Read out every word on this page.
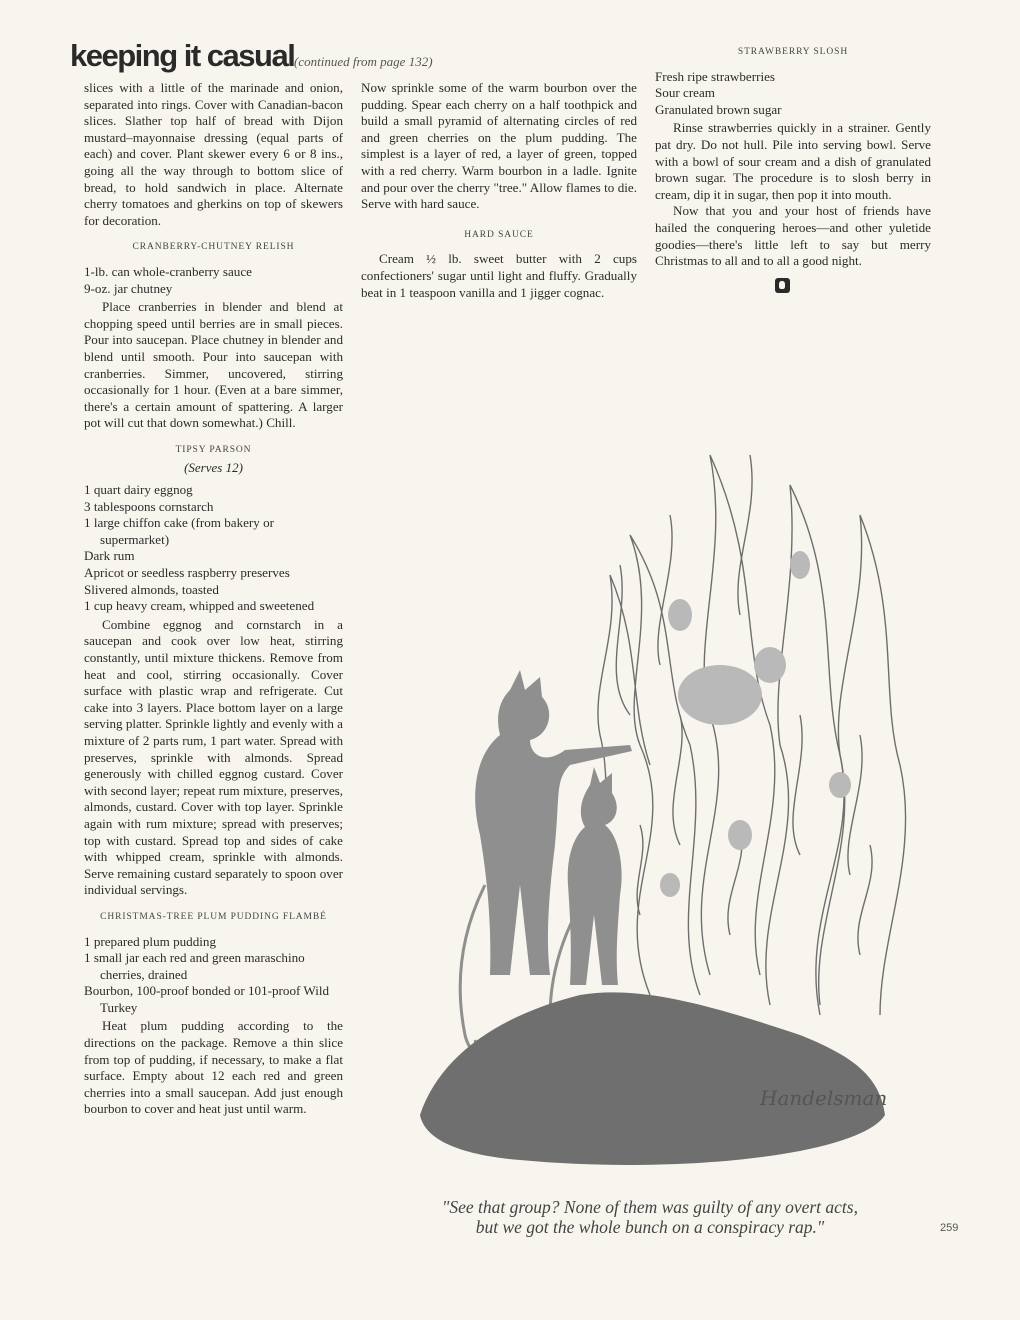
keeping it casual (continued from page 132)

slices with a little of the marinade and onion, separated into rings. Cover with Canadian-bacon slices. Slather top half of bread with Dijon mustard–mayonnaise dressing (equal parts of each) and cover. Plant skewer every 6 or 8 ins., going all the way through to bottom slice of bread, to hold sandwich in place. Alternate cherry tomatoes and gherkins on top of skewers for decoration.

CRANBERRY-CHUTNEY RELISH
1-lb. can whole-cranberry sauce
9-oz. jar chutney

Place cranberries in blender and blend at chopping speed until berries are in small pieces. Pour into saucepan. Place chutney in blender and blend until smooth. Pour into saucepan with cranberries. Simmer, uncovered, stirring occasionally for 1 hour. (Even at a bare simmer, there's a certain amount of spattering. A larger pot will cut that down somewhat.) Chill.

TIPSY PARSON
(Serves 12)
1 quart dairy eggnog
3 tablespoons cornstarch
1 large chiffon cake (from bakery or supermarket)
Dark rum
Apricot or seedless raspberry preserves
Slivered almonds, toasted
1 cup heavy cream, whipped and sweetened

Combine eggnog and cornstarch in a saucepan and cook over low heat, stirring constantly, until mixture thickens. Remove from heat and cool, stirring occasionally. Cover surface with plastic wrap and refrigerate. Cut cake into 3 layers. Place bottom layer on a large serving platter. Sprinkle lightly and evenly with a mixture of 2 parts rum, 1 part water. Spread with preserves, sprinkle with almonds. Spread generously with chilled eggnog custard. Cover with second layer; repeat rum mixture, preserves, almonds, custard. Cover with top layer. Sprinkle again with rum mixture; spread with preserves; top with custard. Spread top and sides of cake with whipped cream, sprinkle with almonds. Serve remaining custard separately to spoon over individual servings.

CHRISTMAS-TREE PLUM PUDDING FLAMBÉ
1 prepared plum pudding
1 small jar each red and green maraschino cherries, drained
Bourbon, 100-proof bonded or 101-proof Wild Turkey

Heat plum pudding according to the directions on the package. Remove a thin slice from top of pudding, if necessary, to make a flat surface. Empty about 12 each red and green cherries into a small saucepan. Add just enough bourbon to cover and heat just until warm.

Now sprinkle some of the warm bourbon over the pudding. Spear each cherry on a half toothpick and build a small pyramid of alternating circles of red and green cherries on the plum pudding. The simplest is a layer of red, a layer of green, topped with a red cherry. Warm bourbon in a ladle. Ignite and pour over the cherry "tree." Allow flames to die. Serve with hard sauce.

HARD SAUCE

Cream ½ lb. sweet butter with 2 cups confectioners' sugar until light and fluffy. Gradually beat in 1 teaspoon vanilla and 1 jigger cognac.

STRAWBERRY SLOSH
Fresh ripe strawberries
Sour cream
Granulated brown sugar

Rinse strawberries quickly in a strainer. Gently pat dry. Do not hull. Pile into serving bowl. Serve with a bowl of sour cream and a dish of granulated brown sugar. The procedure is to slosh berry in cream, dip it in sugar, then pop it into mouth.

Now that you and your host of friends have hailed the conquering heroes—and other yuletide goodies—there's little left to say but merry Christmas to all and to all a good night.

Handelsman
"See that group? None of them was guilty of any overt acts, but we got the whole bunch on a conspiracy rap."	259
